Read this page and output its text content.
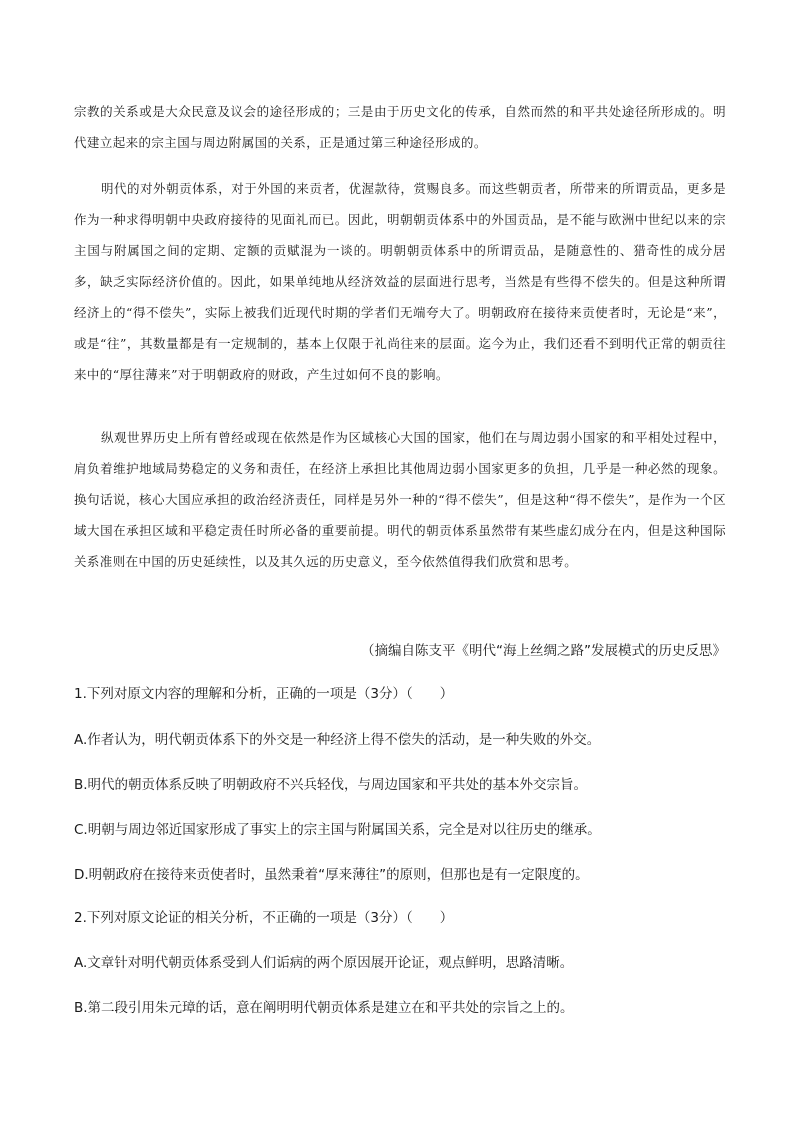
宗教的关系或是大众民意及议会的途径形成的；三是由于历史文化的传承，自然而然的和平共处途径所形成的。明代建立起来的宗主国与周边附属国的关系，正是通过第三种途径形成的。

明代的对外朝贡体系，对于外国的来贡者，优渥款待，赏赐良多。而这些朝贡者，所带来的所谓贡品，更多是作为一种求得明朝中央政府接待的见面礼而已。因此，明朝朝贡体系中的外国贡品，是不能与欧洲中世纪以来的宗主国与附属国之间的定期、定额的贡赋混为一谈的。明朝朝贡体系中的所谓贡品，是随意性的、猎奇性的成分居多，缺乏实际经济价值的。因此，如果单纯地从经济效益的层面进行思考，当然是有些得不偿失的。但是这种所谓经济上的“得不偿失”，实际上被我们近现代时期的学者们无端夸大了。明朝政府在接待来贡使者时，无论是“来”，或是“往”，其数量都是有一定规制的，基本上仅限于礼尚往来的层面。迄今为止，我们还看不到明代正常的朝贡往来中的“厚往薄来”对于明朝政府的财政，产生过如何不良的影响。

纵观世界历史上所有曾经或现在依然是作为区域核心大国的国家，他们在与周边弱小国家的和平相处过程中，肩负着维护地域局势稳定的义务和责任，在经济上承担比其他周边弱小国家更多的负担，几乎是一种必然的现象。换句话说，核心大国应承担的政治经济责任，同样是另外一种的“得不偿失”，但是这种“得不偿失”，是作为一个区域大国在承担区域和平稳定责任时所必备的重要前提。明代的朝贡体系虽然带有某些虚幻成分在内，但是这种国际关系准则在中国的历史延续性，以及其久远的历史意义，至今依然值得我们欣赏和思考。

（摘编自陈支平《明代“海上丝绸之路”发展模式的历史反思》
1.下列对原文内容的理解和分析，正确的一项是（3分）（　　）
A.作者认为，明代朝贡体系下的外交是一种经济上得不偿失的活动，是一种失败的外交。
B.明代的朝贡体系反映了明朝政府不兴兵轻伐，与周边国家和平共处的基本外交宗旨。
C.明朝与周边邻近国家形成了事实上的宗主国与附属国关系，完全是对以往历史的继承。
D.明朝政府在接待来贡使者时，虽然秉着“厚来薄往”的原则，但那也是有一定限度的。
2.下列对原文论证的相关分析，不正确的一项是（3分）（　　）
A.文章针对明代朝贡体系受到人们诟病的两个原因展开论证，观点鲜明，思路清晰。
B.第二段引用朱元璋的话，意在阐明明代朝贡体系是建立在和平共处的宗旨之上的。
